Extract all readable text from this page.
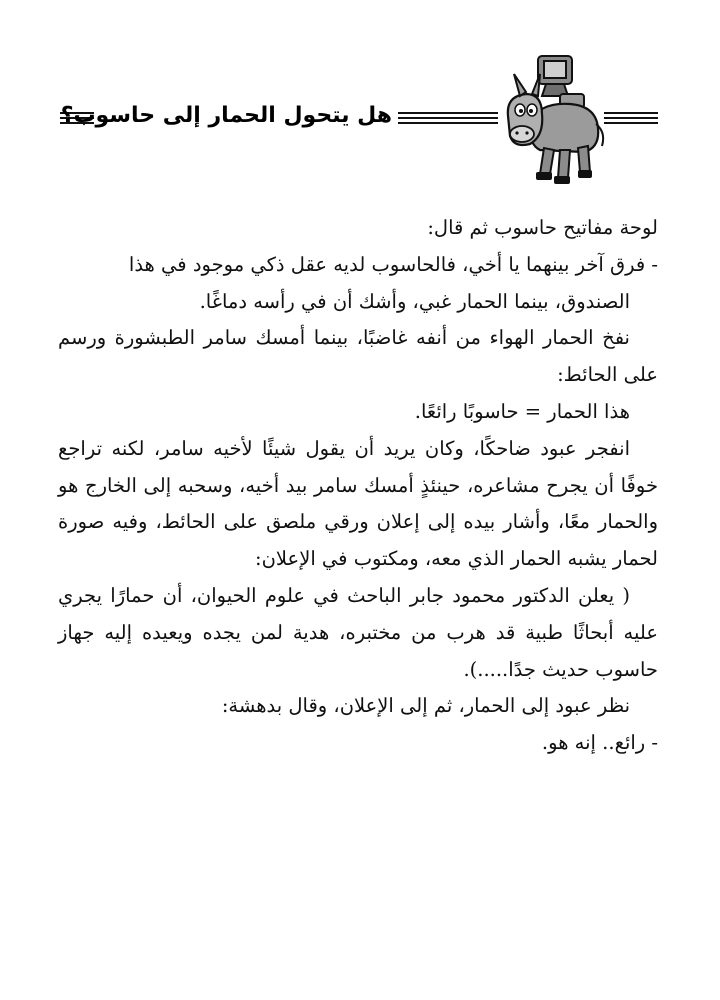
هل يتحول الحمار إلى حاسوب؟

لوحة مفاتيح حاسوب ثم قال:

- فرق آخر بينهما يا أخي، فالحاسوب لديه عقل ذكي موجود في هذا

الصندوق، بينما الحمار غبي، وأشك أن في رأسه دماغًا.

نفخ الحمار الهواء من أنفه غاضبًا، بينما أمسك سامر الطبشورة ورسم على الحائط:

هذا الحمار = حاسوبًا رائعًا.

انفجر عبود ضاحكًا، وكان يريد أن يقول شيئًا لأخيه سامر، لكنه تراجع خوفًا أن يجرح مشاعره، حينئذٍ أمسك سامر بيد أخيه، وسحبه إلى الخارج هو والحمار معًا، وأشار بيده إلى إعلان ورقي ملصق على الحائط، وفيه صورة لحمار يشبه الحمار الذي معه، ومكتوب في الإعلان:

( يعلن الدكتور محمود جابر الباحث في علوم الحيوان، أن حمارًا يجري عليه أبحاثًا طبية قد هرب من مختبره، هدية لمن يجده ويعيده إليه جهاز حاسوب حديث جدًا.....).

نظر عبود إلى الحمار، ثم إلى الإعلان، وقال بدهشة:

- رائع.. إنه هو.
